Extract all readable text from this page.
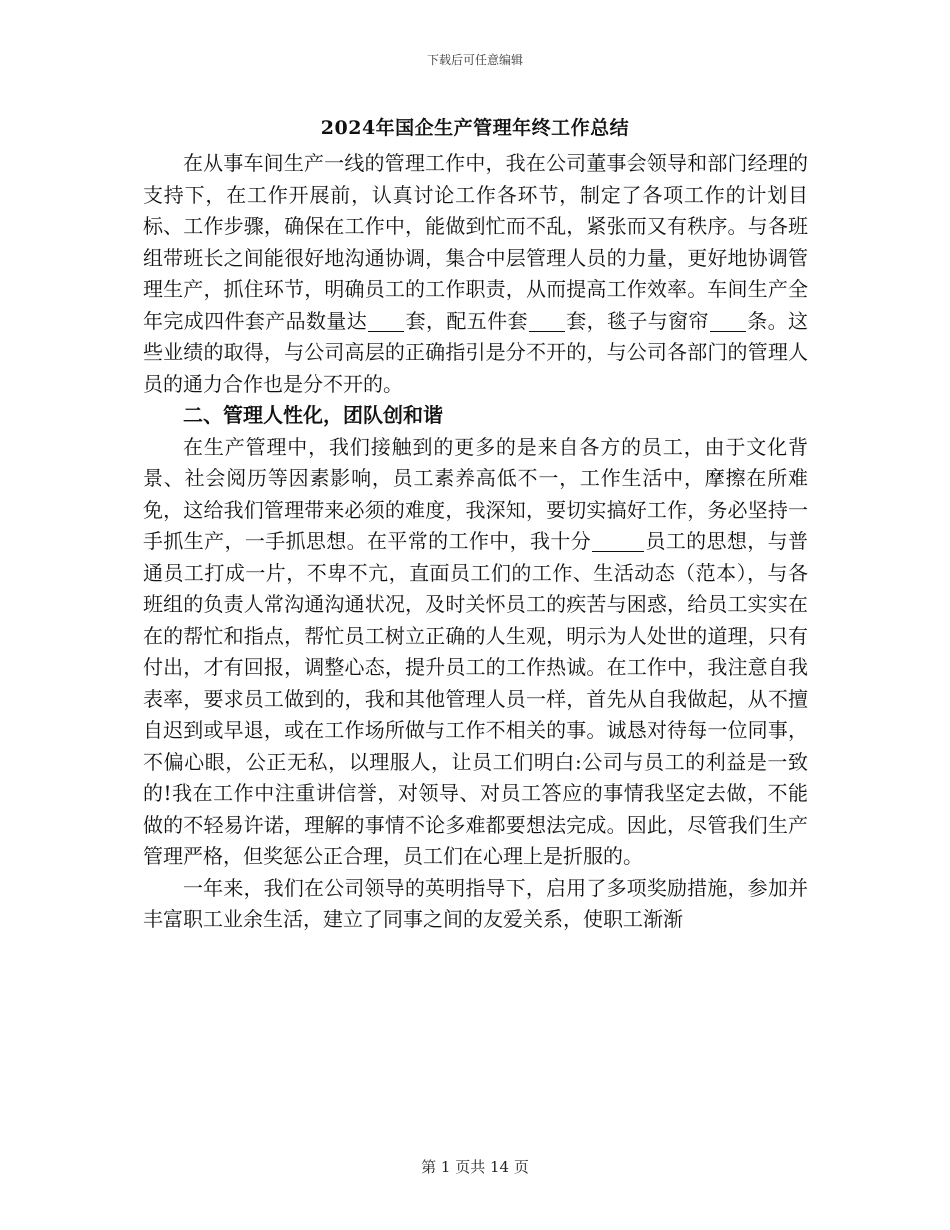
下载后可任意编辑
2024年国企生产管理年终工作总结

在从事车间生产一线的管理工作中，我在公司董事会领导和部门经理的支持下，在工作开展前，认真讨论工作各环节，制定了各项工作的计划目标、工作步骤，确保在工作中，能做到忙而不乱，紧张而又有秩序。与各班组带班长之间能很好地沟通协调，集合中层管理人员的力量，更好地协调管理生产，抓住环节，明确员工的工作职责，从而提高工作效率。车间生产全年完成四件套产品数量达 套，配五件套 套，毯子与窗帘 条。这些业绩的取得，与公司高层的正确指引是分不开的，与公司各部门的管理人员的通力合作也是分不开的。

二、管理人性化，团队创和谐

在生产管理中，我们接触到的更多的是来自各方的员工，由于文化背景、社会阅历等因素影响，员工素养高低不一，工作生活中，摩擦在所难免，这给我们管理带来必须的难度，我深知，要切实搞好工作，务必坚持一手抓生产，一手抓思想。在平常的工作中，我十分	员工的思想，与普通员工打成一片，不卑不亢，直面员工们的工作、生活动态（范本），与各班组的负责人常沟通沟通状况，及时关怀员工的疾苦与困惑，给员工实实在在的帮忙和指点，帮忙员工树立正确的人生观，明示为人处世的道理，只有付出，才有回报，调整心态，提升员工的工作热诚。在工作中，我注意自我表率，要求员工做到的，我和其他管理人员一样，首先从自我做起，从不擅自迟到或早退，或在工作场所做与工作不相关的事。诚恳对待每一位同事，不偏心眼，公正无私，以理服人，让员工们明白:公司与员工的利益是一致的!我在工作中注重讲信誉，对领导、对员工答应的事情我坚定去做，不能做的不轻易许诺，理解的事情不论多难都要想法完成。因此，尽管我们生产管理严格，但奖惩公正合理，员工们在心理上是折服的。

一年来，我们在公司领导的英明指导下，启用了多项奖励措施，参加并丰富职工业余生活，建立了同事之间的友爱关系，使职工渐渐

第 1 页共 14 页
